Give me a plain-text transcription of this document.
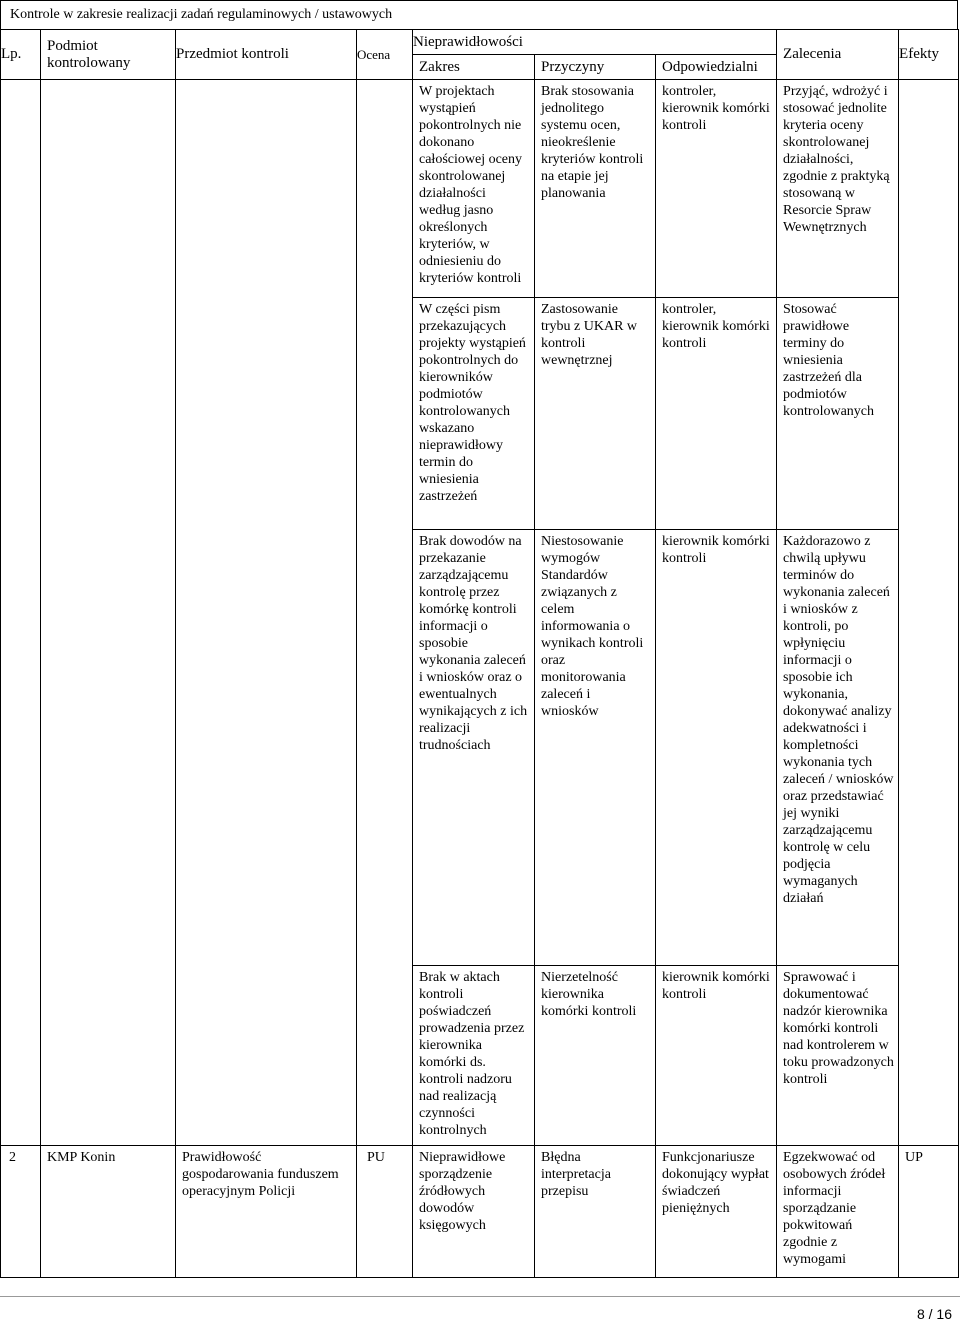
Kontrole w zakresie realizacji zadań regulaminowych / ustawowych
Lp.	Podmiot kontrolowany	Przedmiot kontroli	Ocena	Nieprawidłowości			Zalecenia	Efekty

				Zakres	Przyczyny	Odpowiedzialni		

				W projektach wystąpień pokontrolnych nie dokonano całościowej oceny skontrolowanej działalności według jasno określonych kryteriów, w odniesieniu do kryteriów kontroli	Brak stosowania jednolitego systemu ocen, nieokreślenie kryteriów kontroli na etapie jej planowania	kontroler, kierownik komórki kontroli	Przyjąć, wdrożyć i stosować jednolite kryteria oceny skontrolowanej działalności, zgodnie z praktyką stosowaną w Resorcie Spraw Wewnętrznych	

				W części pism przekazujących projekty wystąpień pokontrolnych do kierowników podmiotów kontrolowanych wskazano nieprawidłowy termin do wniesienia zastrzeżeń	Zastosowanie trybu z UKAR w kontroli wewnętrznej	kontroler, kierownik komórki kontroli	Stosować prawidłowe terminy do wniesienia zastrzeżeń dla podmiotów kontrolowanych	

				Brak dowodów na przekazanie zarządzającemu kontrolę przez komórkę kontroli informacji o sposobie wykonania zaleceń i wniosków oraz o ewentualnych wynikających z ich realizacji trudnościach	Niestosowanie wymogów Standardów związanych z celem informowania o wynikach kontroli oraz monitorowania zaleceń i wniosków	kierownik komórki kontroli	Każdorazowo z chwilą upływu terminów do wykonania zaleceń i wniosków z kontroli, po wpłynięciu informacji o sposobie ich wykonania, dokonywać analizy adekwatności i kompletności wykonania tych zaleceń / wniosków oraz przedstawiać jej wyniki zarządzającemu kontrolę w celu podjęcia wymaganych działań	

				Brak w aktach kontroli poświadczeń prowadzenia przez kierownika komórki ds. kontroli nadzoru nad realizacją czynności kontrolnych	Nierzetelność kierownika komórki kontroli	kierownik komórki kontroli	Sprawować i dokumentować nadzór kierownika komórki kontroli nad kontrolerem w toku prowadzonych kontroli	

2	KMP Konin	Prawidłowość gospodarowania funduszem operacyjnym Policji	PU	Nieprawidłowe sporządzenie źródłowych dowodów księgowych	Błędna interpretacja przepisu	Funkcjonariusze dokonujący wypłat świadczeń pieniężnych	Egzekwować od osobowych źródeł informacji sporządzanie pokwitowań zgodnie z wymogami	UP
8 / 16
